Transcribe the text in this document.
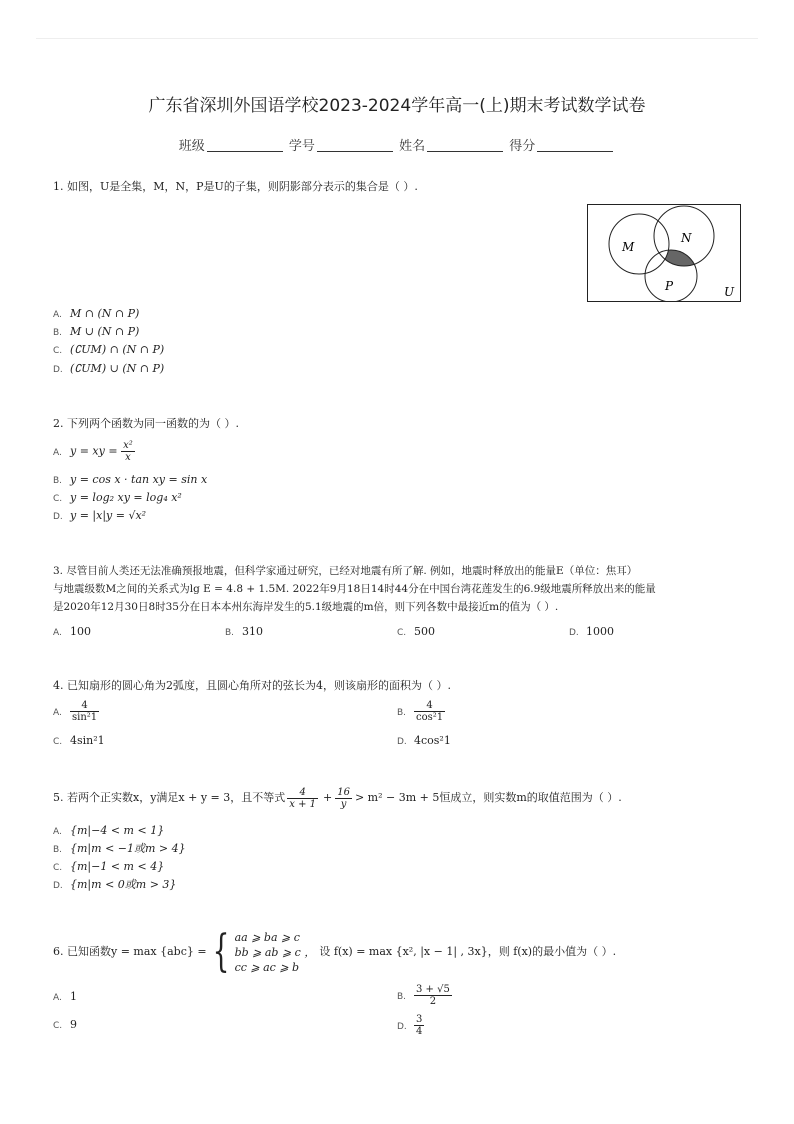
广东省深圳外国语学校2023-2024学年高一(上)期末考试数学试卷
班级	学号	姓名	得分
1. 如图，U是全集，M，N，P是U的子集，则阴影部分表示的集合是（ ）.
M
N
P	U
A. M ∩ (N ∩ P)
B. M ∪ (N ∩ P)
C. (∁UM) ∩ (N ∩ P)
D. (∁UM) ∪ (N ∩ P)
2. 下列两个函数为同一函数的为（ ）.
A. y = xy = $\frac{\text{x²}}{x}$
B. y = cos x · tan xy = sin x
C. y = log₂ xy = log₄ x²
D. y = |x|y = √x²
3. 尽管目前人类还无法准确预报地震，但科学家通过研究，已经对地震有所了解. 例如，地震时释放出的能量E（单位：焦耳）
与地震级数M之间的关系式为lg E = 4.8 + 1.5M. 2022年9月18日14时44分在中国台湾花莲发生的6.9级地震所释放出来的能量
是2020年12月30日8时35分在日本本州东海岸发生的5.1级地震的m倍，则下列各数中最接近m的值为（ ）.
A. 100	B. 310	C. 500	D. 1000
4. 已知扇形的圆心角为2弧度，且圆心角所对的弦长为4，则该扇形的面积为（ ）.
A. $\frac{4}{\text{sin²1}}$	B. $\frac{4}{\text{cos²1}}$
C. 4sin²1	D. 4cos²1
5. 若两个正实数x，y满足x + y = 3，且不等式 $\frac{4}{x + 1} + \frac{16}{y} > m^2 - 3m + 5$恒成立，则实数m的取值范围为（ ）.
A. {m|−4 < m < 1}
B. {m|m < −1或m > 4}
C. {m|−1 < m < 4}
D. {m|m < 0或m > 3}
6. 已知函数y = max {abc} = { aa ⩾ ba ⩾ c
bb ⩾ ab ⩾ c ，
cc ⩾ ac ⩾ b
设 f(x) = max {x², |x − 1| , 3x}，则 f(x)的最小值为（ ）.
A. 1	B. $\frac{3 + √5}{2}$
C. 9	D. $\frac{3}{4}$
